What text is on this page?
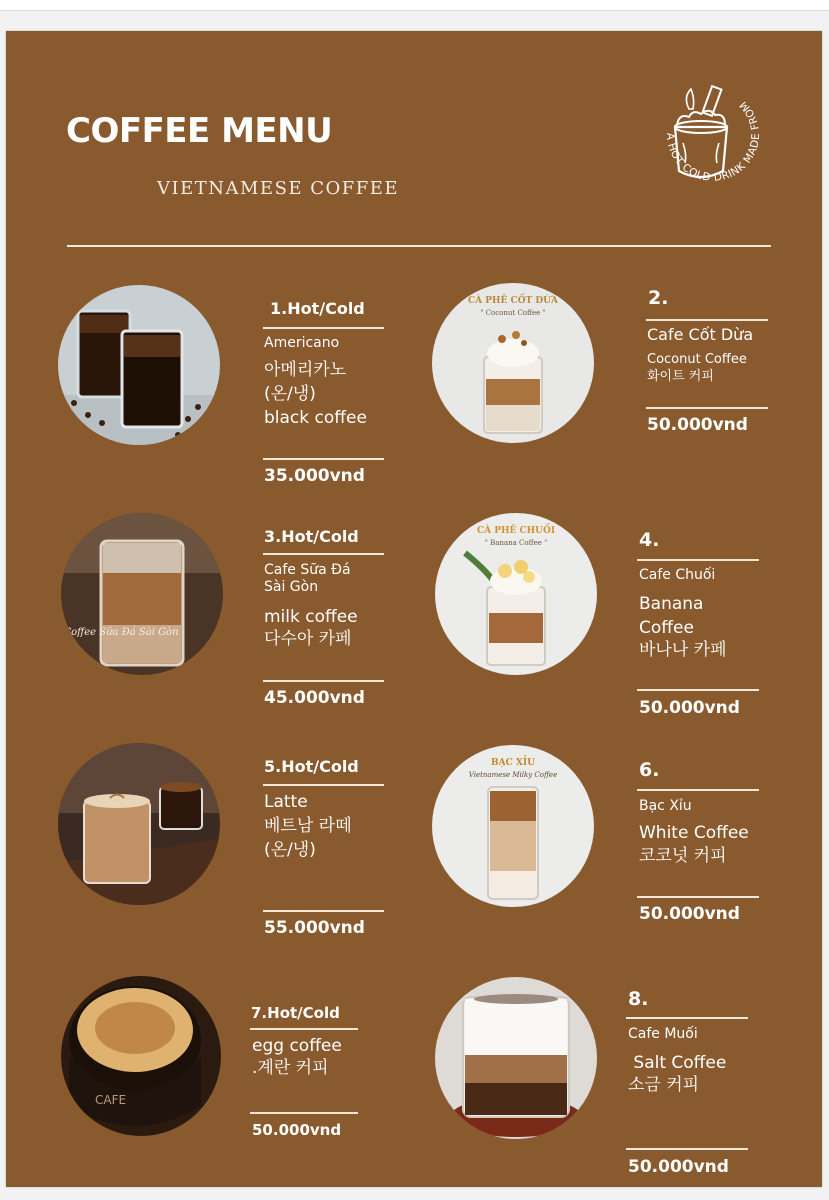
COFFEE MENU
VIETNAMESE COFFEE
A HOT COLD DRINK MADE FROM
1.Hot/Cold
Americano
아메리카노
(온/냉)
black coffee
35.000vnd
CÀ PHÊ CỐT DỪA
" Coconut Coffee "
2.
Cafe Cốt Dừa
Coconut Coffee
화이트 커피
50.000vnd
Coffee Sữa Đá Sài Gòn
3.Hot/Cold
Cafe Sữa Đá
Sài Gòn
milk coffee
다수아 카페
45.000vnd
CÀ PHÊ CHUỐI
" Banana Coffee "	4.
Cafe Chuối
Banana
Coffee
바나나 카페
50.000vnd
5.Hot/Cold
Latte
베트남 라떼
(온/냉)
55.000vnd
BẠC XỈU
Vietnamese Milky Coffee	6.
Bạc Xỉu
White Coffee
코코넛 커피
50.000vnd
CAFE
7.Hot/Cold
egg coffee
.계란 커피
50.000vnd
8.
Cafe Muối
Salt Coffee
소금 커피
50.000vnd
